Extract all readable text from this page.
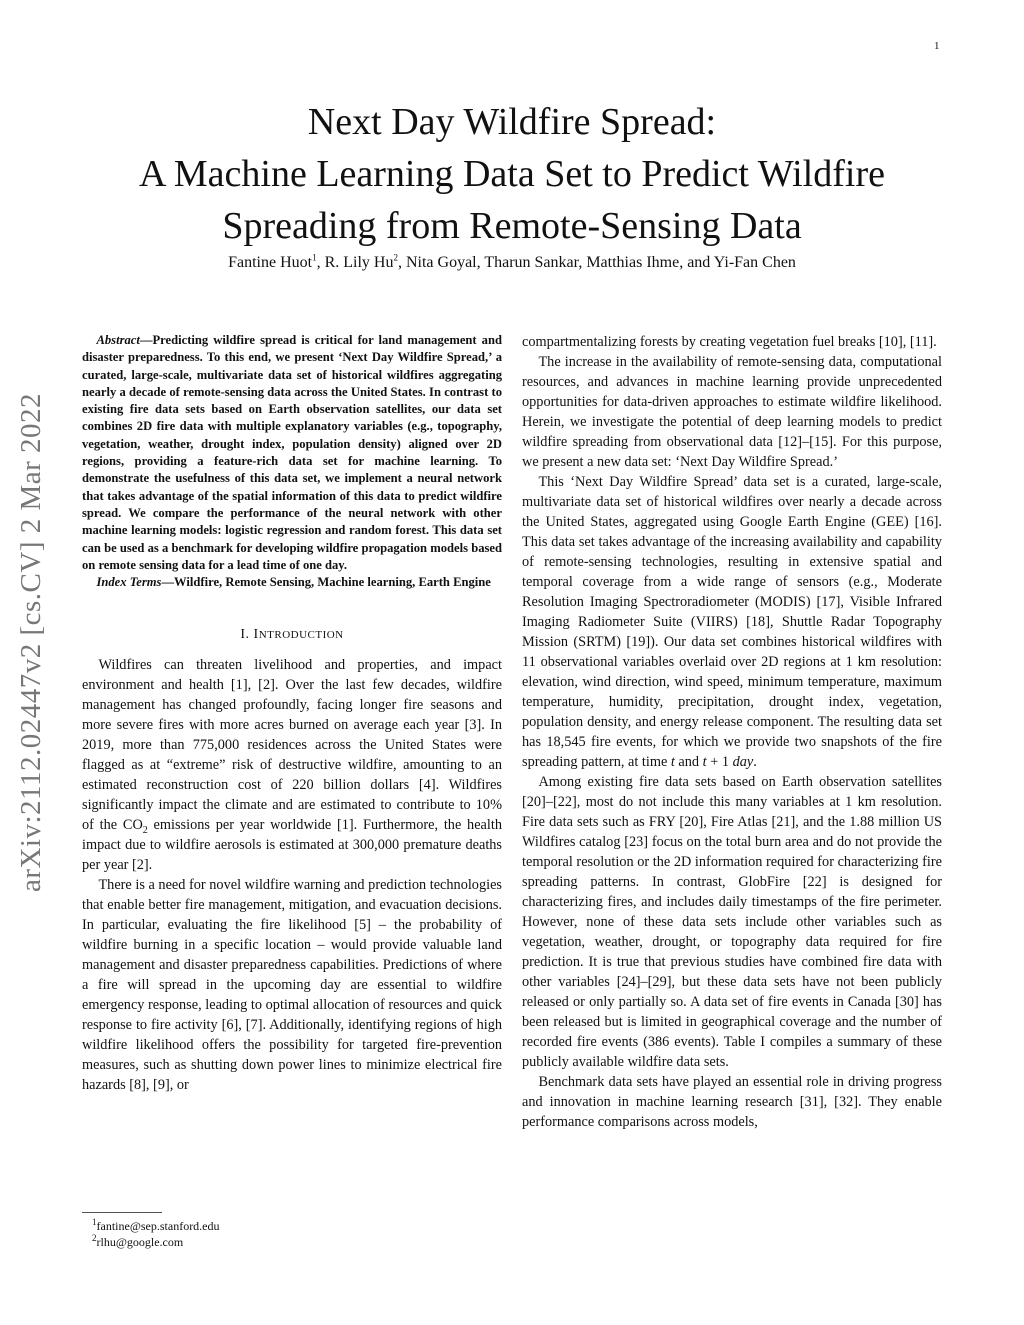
1
arXiv:2112.02447v2 [cs.CV] 2 Mar 2022
Next Day Wildfire Spread:
A Machine Learning Data Set to Predict Wildfire
Spreading from Remote-Sensing Data
Fantine Huot$^1$, R. Lily Hu$^2$, Nita Goyal, Tharun Sankar, Matthias Ihme, and Yi-Fan Chen

Abstract—Predicting wildfire spread is critical for land management and disaster preparedness. To this end, we present ‘Next Day Wildfire Spread,’ a curated, large-scale, multivariate data set of historical wildfires aggregating nearly a decade of remote-sensing data across the United States. In contrast to existing fire data sets based on Earth observation satellites, our data set combines 2D fire data with multiple explanatory variables (e.g., topography, vegetation, weather, drought index, population density) aligned over 2D regions, providing a feature-rich data set for machine learning. To demonstrate the usefulness of this data set, we implement a neural network that takes advantage of the spatial information of this data to predict wildfire spread. We compare the performance of the neural network with other machine learning models: logistic regression and random forest. This data set can be used as a benchmark for developing wildfire propagation models based on remote sensing data for a lead time of one day.

Index Terms—Wildfire, Remote Sensing, Machine learning, Earth Engine

I. INTRODUCTION

Wildfires can threaten livelihood and properties, and impact environment and health [1], [2]. Over the last few decades, wildfire management has changed profoundly, facing longer fire seasons and more severe fires with more acres burned on average each year [3]. In 2019, more than 775,000 residences across the United States were flagged as at “extreme” risk of destructive wildfire, amounting to an estimated reconstruction cost of 220 billion dollars [4]. Wildfires significantly impact the climate and are estimated to contribute to 10% of the $CO_2$ emissions per year worldwide [1]. Furthermore, the health impact due to wildfire aerosols is estimated at 300,000 premature deaths per year [2].

There is a need for novel wildfire warning and prediction technologies that enable better fire management, mitigation, and evacuation decisions. In particular, evaluating the fire likelihood [5] – the probability of wildfire burning in a specific location – would provide valuable land management and disaster preparedness capabilities. Predictions of where a fire will spread in the upcoming day are essential to wildfire emergency response, leading to optimal allocation of resources and quick response to fire activity [6], [7]. Additionally, identifying regions of high wildfire likelihood offers the possibility for targeted fire-prevention measures, such as shutting down power lines to minimize electrical fire hazards [8], [9], or

compartmentalizing forests by creating vegetation fuel breaks [10], [11].

The increase in the availability of remote-sensing data, computational resources, and advances in machine learning provide unprecedented opportunities for data-driven approaches to estimate wildfire likelihood. Herein, we investigate the potential of deep learning models to predict wildfire spreading from observational data [12]–[15]. For this purpose, we present a new data set: ‘Next Day Wildfire Spread.’

This ‘Next Day Wildfire Spread’ data set is a curated, large-scale, multivariate data set of historical wildfires over nearly a decade across the United States, aggregated using Google Earth Engine (GEE) [16]. This data set takes advantage of the increasing availability and capability of remote-sensing technologies, resulting in extensive spatial and temporal coverage from a wide range of sensors (e.g., Moderate Resolution Imaging Spectroradiometer (MODIS) [17], Visible Infrared Imaging Radiometer Suite (VIIRS) [18], Shuttle Radar Topography Mission (SRTM) [19]). Our data set combines historical wildfires with 11 observational variables overlaid over 2D regions at 1 km resolution: elevation, wind direction, wind speed, minimum temperature, maximum temperature, humidity, precipitation, drought index, vegetation, population density, and energy release component. The resulting data set has 18,545 fire events, for which we provide two snapshots of the fire spreading pattern, at time t and t + 1 day.

Among existing fire data sets based on Earth observation satellites [20]–[22], most do not include this many variables at 1 km resolution. Fire data sets such as FRY [20], Fire Atlas [21], and the 1.88 million US Wildfires catalog [23] focus on the total burn area and do not provide the temporal resolution or the 2D information required for characterizing fire spreading patterns. In contrast, GlobFire [22] is designed for characterizing fires, and includes daily timestamps of the fire perimeter. However, none of these data sets include other variables such as vegetation, weather, drought, or topography data required for fire prediction. It is true that previous studies have combined fire data with other variables [24]–[29], but these data sets have not been publicly released or only partially so. A data set of fire events in Canada [30] has been released but is limited in geographical coverage and the number of recorded fire events (386 events). Table I compiles a summary of these publicly available wildfire data sets.

Benchmark data sets have played an essential role in driving progress and innovation in machine learning research [31], [32]. They enable performance comparisons across models,

$^1$fantine@sep.stanford.edu
$^2$rlhu@google.com
